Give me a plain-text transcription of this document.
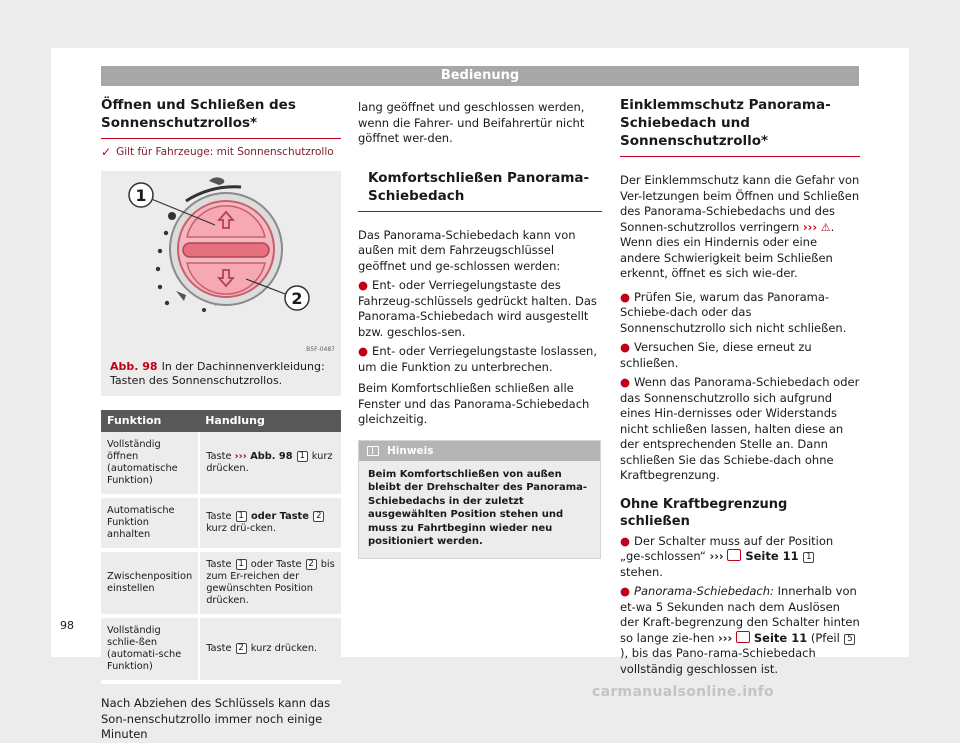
Bedienung
Öffnen und Schließen des Sonnenschutzrollos*
✓ Gilt für Fahrzeuge: mit Sonnenschutzrollo
1
2
B5F-0487
Abb. 98 In der Dachinnenverkleidung: Tasten des Sonnenschutzrollos.
Funktion	Handlung
Vollständig öffnen (automatische Funktion)	Taste ››› Abb. 98 1 kurz drücken.
Automatische Funktion anhalten	Taste 1 oder Taste 2 kurz drü-cken.
Zwischenposition einstellen	Taste 1 oder Taste 2 bis zum Er-reichen der gewünschten Position drücken.
Vollständig schlie-ßen (automati-sche Funktion)	Taste 2 kurz drücken.

Nach Abziehen des Schlüssels kann das Son-nenschutzrollo immer noch einige Minuten

lang geöffnet und geschlossen werden, wenn die Fahrer- und Beifahrertür nicht göffnet wer-den.

Komfortschließen Panorama-Schiebedach

Das Panorama-Schiebedach kann von außen mit dem Fahrzeugschlüssel geöffnet und ge-schlossen werden:

● Ent- oder Verriegelungstaste des Fahrzeug-schlüssels gedrückt halten. Das Panorama-Schiebedach wird ausgestellt bzw. geschlos-sen.
● Ent- oder Verriegelungstaste loslassen, um die Funktion zu unterbrechen.

Beim Komfortschließen schließen alle Fenster und das Panorama-Schiebedach gleichzeitig.

Hinweis
Beim Komfortschließen von außen bleibt der Drehschalter des Panorama-Schiebedachs in der zuletzt ausgewählten Position stehen und muss zu Fahrtbeginn wieder neu positioniert werden.
Einklemmschutz Panorama-Schiebedach und Sonnenschutzrollo*

Der Einklemmschutz kann die Gefahr von Ver-letzungen beim Öffnen und Schließen des Panorama-Schiebedachs und des Sonnen-schutzrollos verringern ››› ⚠. Wenn dies ein Hindernis oder eine andere Schwierigkeit beim Schließen erkennt, öffnet es sich wie-der.

● Prüfen Sie, warum das Panorama-Schiebe-dach oder das Sonnenschutzrollo sich nicht schließen.
● Versuchen Sie, diese erneut zu schließen.
● Wenn das Panorama-Schiebedach oder das Sonnenschutzrollo sich aufgrund eines Hin-dernisses oder Widerstands nicht schließen lassen, halten diese an der entsprechenden Stelle an. Dann schließen Sie das Schiebe-dach ohne Kraftbegrenzung.
Ohne Kraftbegrenzung schließen
● Der Schalter muss auf der Position „ge-schlossen“ ›››  Seite 11 1 stehen.
● Panorama-Schiebedach: Innerhalb von et-wa 5 Sekunden nach dem Auslösen der Kraft-begrenzung den Schalter hinten so lange zie-hen ›››  Seite 11 (Pfeil 5), bis das Pano-rama-Schiebedach vollständig geschlossen ist.
98
carmanualsonline.info
